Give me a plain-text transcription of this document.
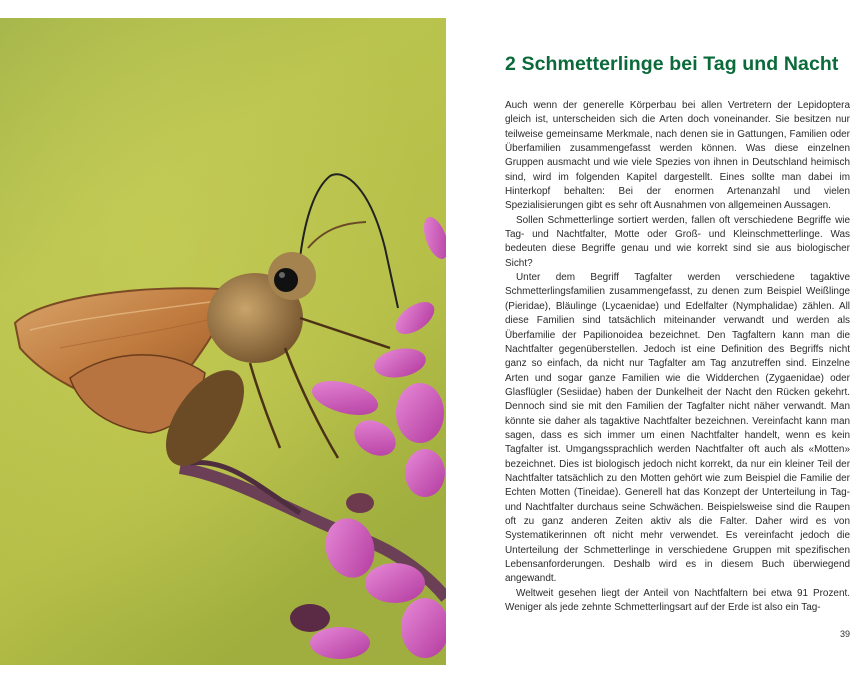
2 Schmetterlinge bei Tag und Nacht

Auch wenn der generelle Körperbau bei allen Vertretern der Lepidoptera gleich ist, unterscheiden sich die Arten doch voneinander. Sie besitzen nur teilweise gemeinsame Merkmale, nach denen sie in Gattungen, Familien oder Überfamilien zusammengefasst werden können. Was diese einzelnen Gruppen ausmacht und wie viele Spezies von ihnen in Deutschland heimisch sind, wird im folgenden Kapitel dargestellt. Eines sollte man dabei im Hinterkopf behalten: Bei der enormen Artenanzahl und vielen Spezialisierungen gibt es sehr oft Ausnahmen von allgemeinen Aussagen.

Sollen Schmetterlinge sortiert werden, fallen oft verschiedene Begriffe wie Tag- und Nachtfalter, Motte oder Groß- und Kleinschmetterlinge. Was bedeuten diese Begriffe genau und wie korrekt sind sie aus biologischer Sicht?

Unter dem Begriff Tagfalter werden verschiedene tagaktive Schmetterlingsfamilien zusammengefasst, zu denen zum Beispiel Weißlinge (Pieridae), Bläulinge (Lycaenidae) und Edelfalter (Nymphalidae) zählen. All diese Familien sind tatsächlich miteinander verwandt und werden als Überfamilie der Papilionoidea bezeichnet. Den Tagfaltern kann man die Nachtfalter gegenüberstellen. Jedoch ist eine Definition des Begriffs nicht ganz so einfach, da nicht nur Tagfalter am Tag anzutreffen sind. Einzelne Arten und sogar ganze Familien wie die Widderchen (Zygaenidae) oder Glasflügler (Sesiidae) haben der Dunkelheit der Nacht den Rücken gekehrt. Dennoch sind sie mit den Familien der Tagfalter nicht näher verwandt. Man könnte sie daher als tagaktive Nachtfalter bezeichnen. Vereinfacht kann man sagen, dass es sich immer um einen Nachtfalter handelt, wenn es kein Tagfalter ist. Umgangssprachlich werden Nachtfalter oft auch als «Motten» bezeichnet. Dies ist biologisch jedoch nicht korrekt, da nur ein kleiner Teil der Nachtfalter tatsächlich zu den Motten gehört wie zum Beispiel die Familie der Echten Motten (Tineidae). Generell hat das Konzept der Unterteilung in Tag- und Nachtfalter durchaus seine Schwächen. Beispielsweise sind die Raupen oft zu ganz anderen Zeiten aktiv als die Falter. Daher wird es von Systematikerinnen oft nicht mehr verwendet. Es vereinfacht jedoch die Unterteilung der Schmetterlinge in verschiedene Gruppen mit spezifischen Lebensanforderungen. Deshalb wird es in diesem Buch überwiegend angewandt.

Weltweit gesehen liegt der Anteil von Nachtfaltern bei etwa 91 Prozent. Weniger als jede zehnte Schmetterlingsart auf der Erde ist also ein Tag-

39
